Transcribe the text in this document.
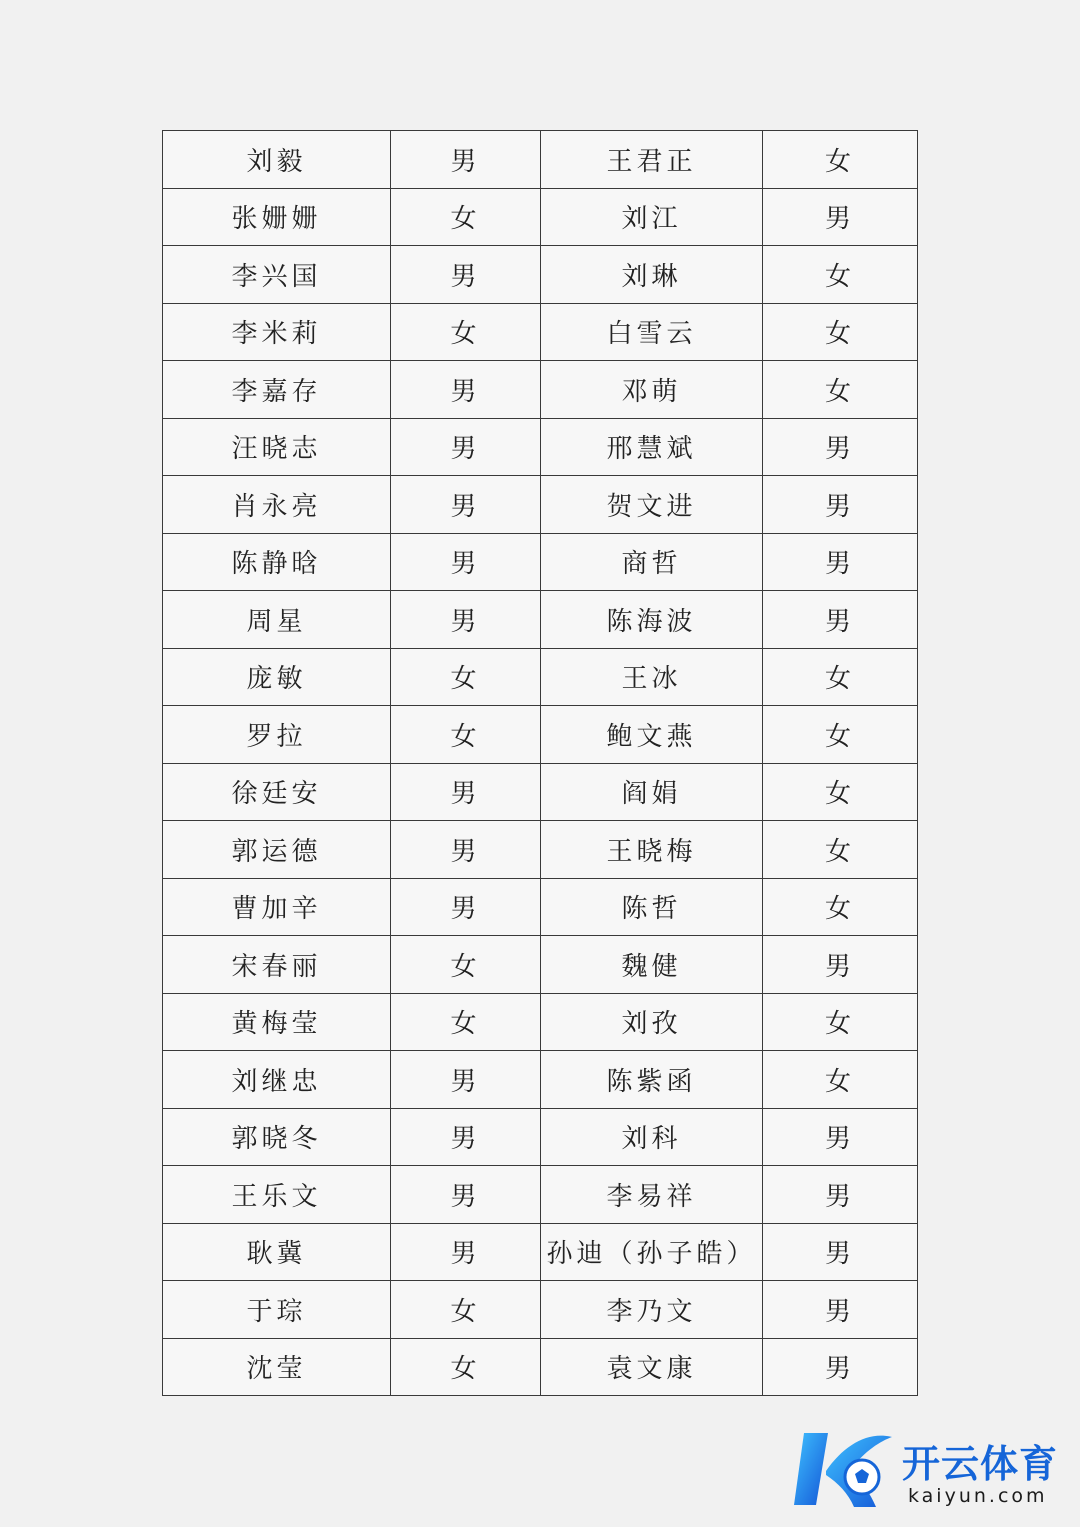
刘毅	男	王君正	女
张姗姗	女	刘江	男
李兴国	男	刘琳	女
李米莉	女	白雪云	女
李嘉存	男	邓萌	女
汪晓志	男	邢慧斌	男
肖永亮	男	贺文进	男
陈静晗	男	商哲	男
周星	男	陈海波	男
庞敏	女	王冰	女
罗拉	女	鲍文燕	女
徐廷安	男	阎娟	女
郭运德	男	王晓梅	女
曹加辛	男	陈哲	女
宋春丽	女	魏健	男
黄梅莹	女	刘孜	女
刘继忠	男	陈紫函	女
郭晓冬	男	刘科	男
王乐文	男	李易祥	男
耿冀	男	孙迪（孙子皓）	男
于琮	女	李乃文	男
沈莹	女	袁文康	男
开云体育
kaiyun.com
